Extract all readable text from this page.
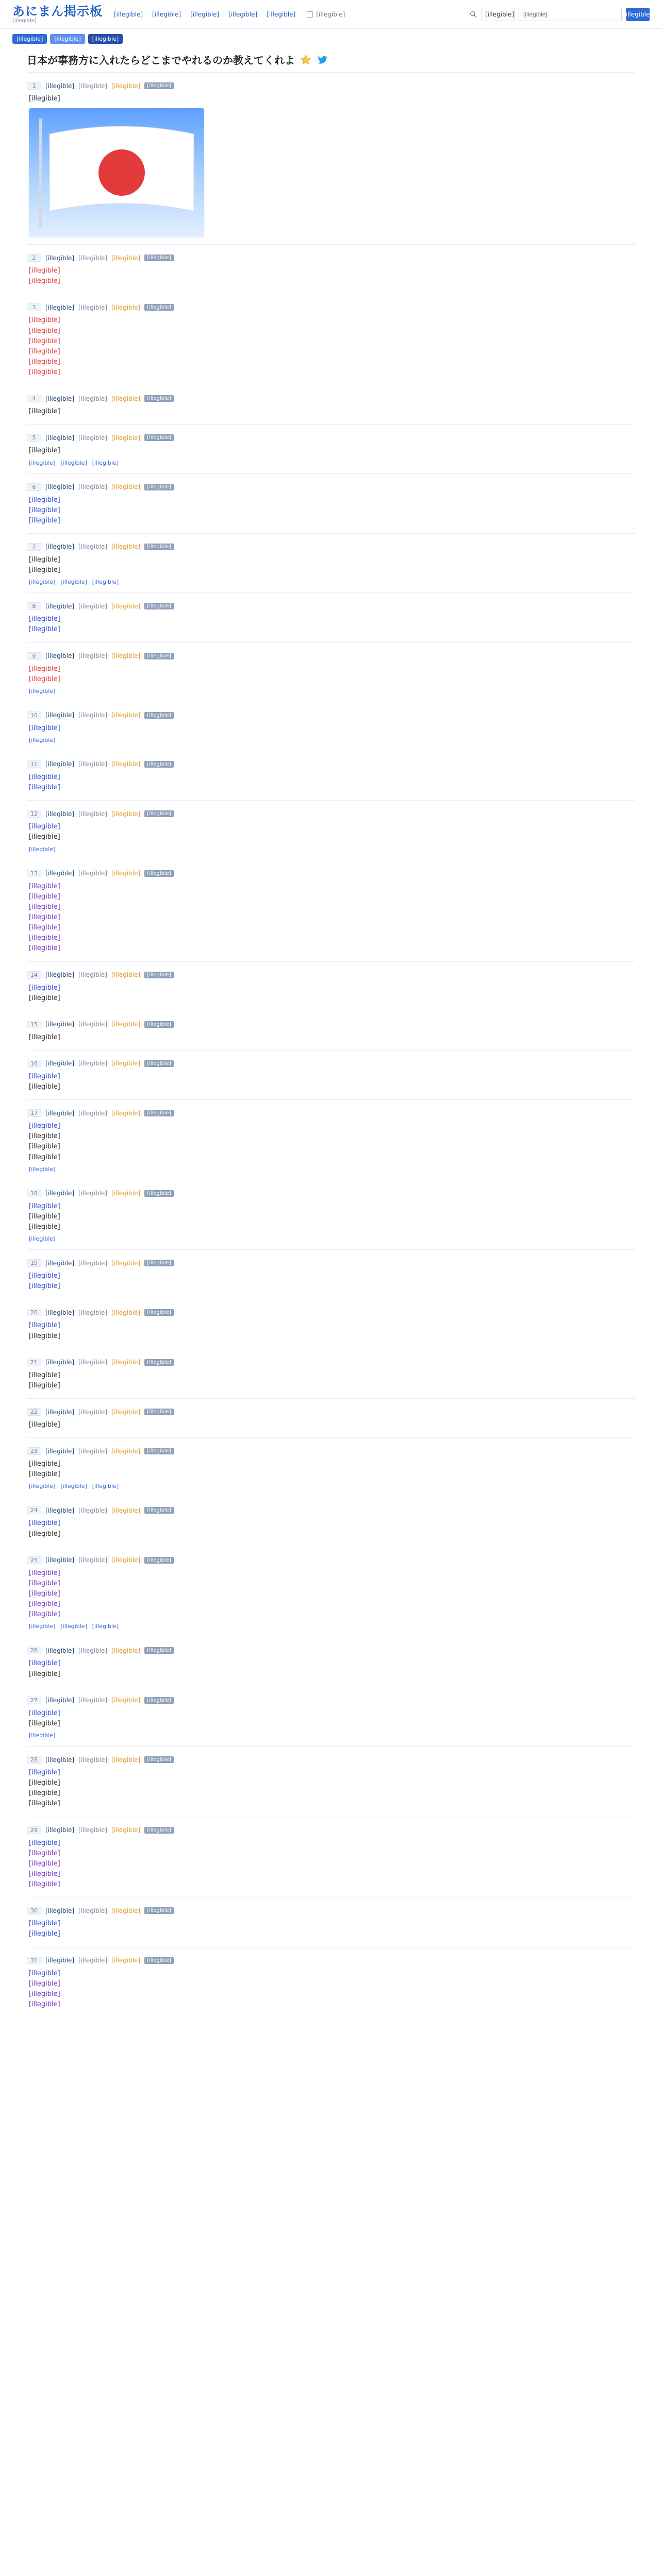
あにまん掲示板
[illegible]
[illegible] [illegible] [illegible] [illegible] [illegible]	[illegible]	[illegible]
[illegible]	[illegible]
[illegible]	[illegible]	[illegible]
日本が事務方に入れたらどこまでやれるのか教えてくれよ
1	[illegible] [illegible] [illegible]	[illegible]
[illegible]
2	[illegible] [illegible] [illegible]	[illegible]
[illegible]
[illegible]
3	[illegible] [illegible] [illegible]	[illegible]
[illegible]
[illegible]
[illegible]
[illegible]
[illegible]
[illegible]
4	[illegible] [illegible] [illegible]	[illegible]
[illegible]
5	[illegible] [illegible] [illegible]	[illegible]
[illegible]
[illegible] [illegible] [illegible]
6	[illegible] [illegible] [illegible]	[illegible]
[illegible]
[illegible]
[illegible]
7	[illegible] [illegible] [illegible]	[illegible]
[illegible]
[illegible]
[illegible] [illegible] [illegible]
8	[illegible] [illegible] [illegible]	[illegible]
[illegible]
[illegible]
9	[illegible] [illegible] [illegible]	[illegible]
[illegible]
[illegible]
[illegible]
10	[illegible] [illegible] [illegible]	[illegible]
[illegible]
[illegible]
11	[illegible] [illegible] [illegible]	[illegible]
[illegible]
[illegible]
12	[illegible] [illegible] [illegible]	[illegible]
[illegible]
[illegible]
[illegible]
13	[illegible] [illegible] [illegible]	[illegible]
[illegible]
[illegible]
[illegible]
[illegible]
[illegible]
[illegible]
[illegible]
14	[illegible] [illegible] [illegible]	[illegible]
[illegible]
[illegible]
15	[illegible] [illegible] [illegible]	[illegible]
[illegible]
16	[illegible] [illegible] [illegible]	[illegible]
[illegible]
[illegible]
17	[illegible] [illegible] [illegible]	[illegible]
[illegible]
[illegible]
[illegible]
[illegible]
[illegible]
18	[illegible] [illegible] [illegible]	[illegible]
[illegible]
[illegible]
[illegible]
[illegible]
19	[illegible] [illegible] [illegible]	[illegible]
[illegible]
[illegible]
20	[illegible] [illegible] [illegible]	[illegible]
[illegible]
[illegible]
21	[illegible] [illegible] [illegible]	[illegible]
[illegible]
[illegible]
22	[illegible] [illegible] [illegible]	[illegible]
[illegible]
23	[illegible] [illegible] [illegible]	[illegible]
[illegible]
[illegible]
[illegible] [illegible] [illegible]
24	[illegible] [illegible] [illegible]	[illegible]
[illegible]
[illegible]
25	[illegible] [illegible] [illegible]	[illegible]
[illegible]
[illegible]
[illegible]
[illegible]
[illegible]
[illegible] [illegible] [illegible]
26	[illegible] [illegible] [illegible]	[illegible]
[illegible]
[illegible]
27	[illegible] [illegible] [illegible]	[illegible]
[illegible]
[illegible]
[illegible]
28	[illegible] [illegible] [illegible]	[illegible]
[illegible]
[illegible]
[illegible]
[illegible]
29	[illegible] [illegible] [illegible]	[illegible]
[illegible]
[illegible]
[illegible]
[illegible]
[illegible]
30	[illegible] [illegible] [illegible]	[illegible]
[illegible]
[illegible]
31	[illegible] [illegible] [illegible]	[illegible]
[illegible]
[illegible]
[illegible]
[illegible]
